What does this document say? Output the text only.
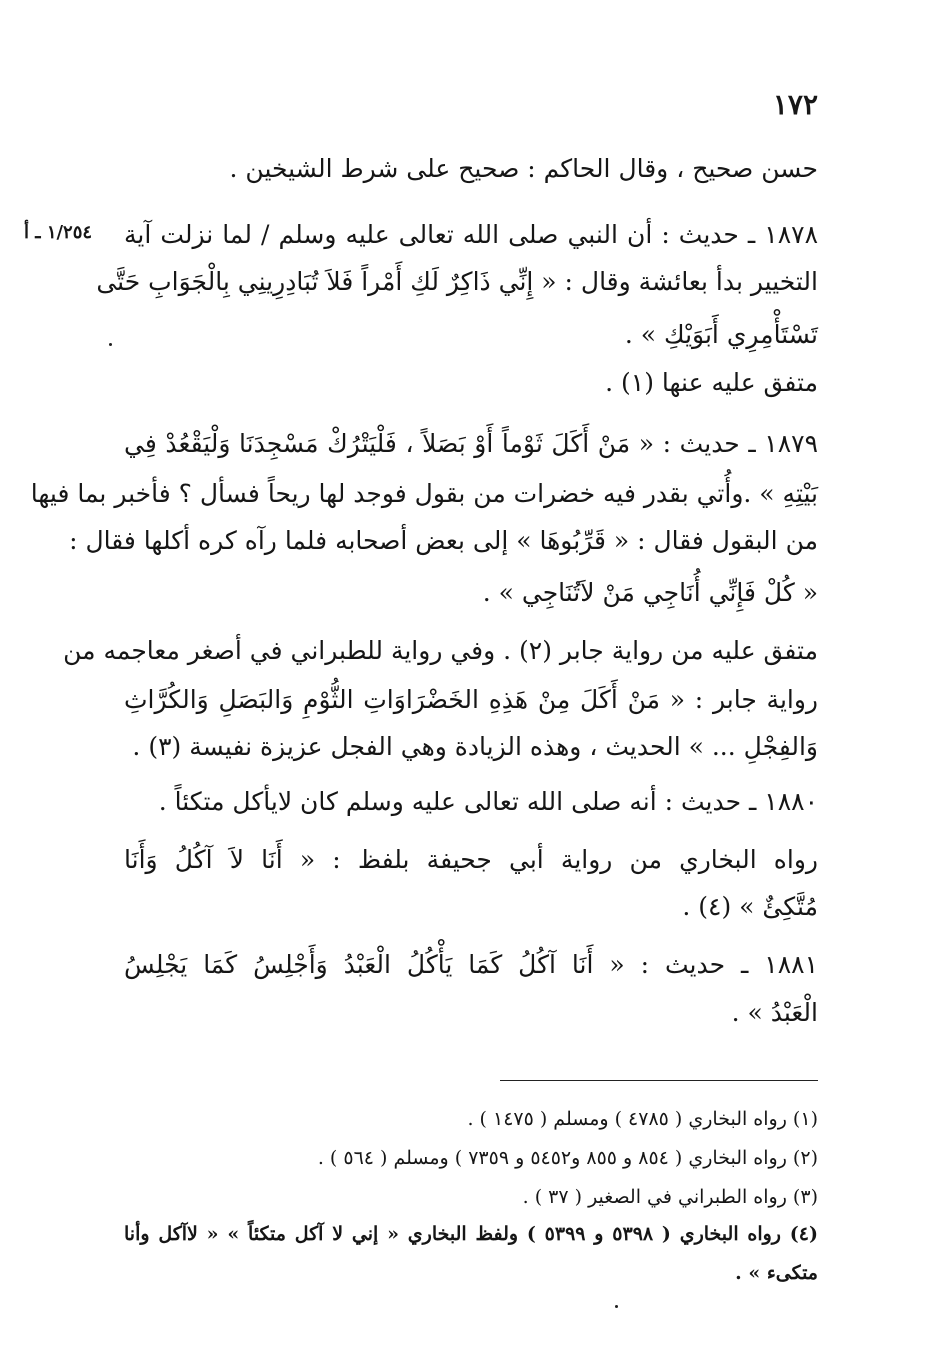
١٧٢
١/٢٥٤ ـ أ
حسن صحيح ، وقال الحاكم : صحيح على شرط الشيخين .
١٨٧٨ ـ حديث : أن النبي صلى الله تعالى عليه وسلم / لما نزلت آية
التخيير بدأ بعائشة وقال : « إِنِّي ذَاكِرٌ لَكِ أَمْراً فَلاَ تُبَادِرِينِي بِالْجَوَابِ حَتَّى
تَسْتَأْمِرِي أَبَوَيْكِ » .
متفق عليه عنها (١) .
١٨٧٩ ـ حديث : « مَنْ أَكَلَ ثَوْماً أَوْ بَصَلاً ، فَلْيَتْرُكْ مَسْجِدَنَا وَلْيَقْعُدْ فِي
بَيْتِهِ » .وأُتي بقدر فيه خضرات من بقول فوجد لها ريحاً فسأل ؟ فأخبر بما فيها
من البقول فقال : « قَرِّبُوهَا » إلى بعض أصحابه فلما رآه كره أكلها فقال :
« كُلْ فَإِنِّي أُنَاجِي مَنْ لاَتُنَاجِي » .
متفق عليه من رواية جابر (٢) . وفي رواية للطبراني في أصغر معاجمه من
رواية جابر : « مَنْ أَكَلَ مِنْ هَذِهِ الخَضْرَاوَاتِ الثُّوْمِ وَالبَصَلِ وَالكُرَّاثِ
وَالفِجْلِ ... » الحديث ، وهذه الزيادة وهي الفجل عزيزة نفيسة (٣) .
١٨٨٠ ـ حديث : أنه صلى الله تعالى عليه وسلم كان لايأكل متكئاً .
رواه البخاري من رواية أبي جحيفة بلفظ : « أَنَا لاَ آكُلُ وَأَنَا
مُتَّكِئٌ » (٤) .
١٨٨١ ـ حديث : « أَنَا آكُلُ كَمَا يَأْكُلُ الْعَبْدُ وَأَجْلِسُ كَمَا يَجْلِسُ
الْعَبْدُ » .
(١) رواه البخاري ( ٤٧٨٥ ) ومسلم ( ١٤٧٥ ) .
(٢) رواه البخاري ( ٨٥٤ و ٨٥٥ و٥٤٥٢ و ٧٣٥٩ ) ومسلم ( ٥٦٤ ) .
(٣) رواه الطبراني في الصغير ( ٣٧ ) .
(٤) رواه البخاري ( ٥٣٩٨ و ٥٣٩٩ ) ولفظ البخاري « إني لا آكل متكئاً » « لاآكل وأنا
متكىء » .
